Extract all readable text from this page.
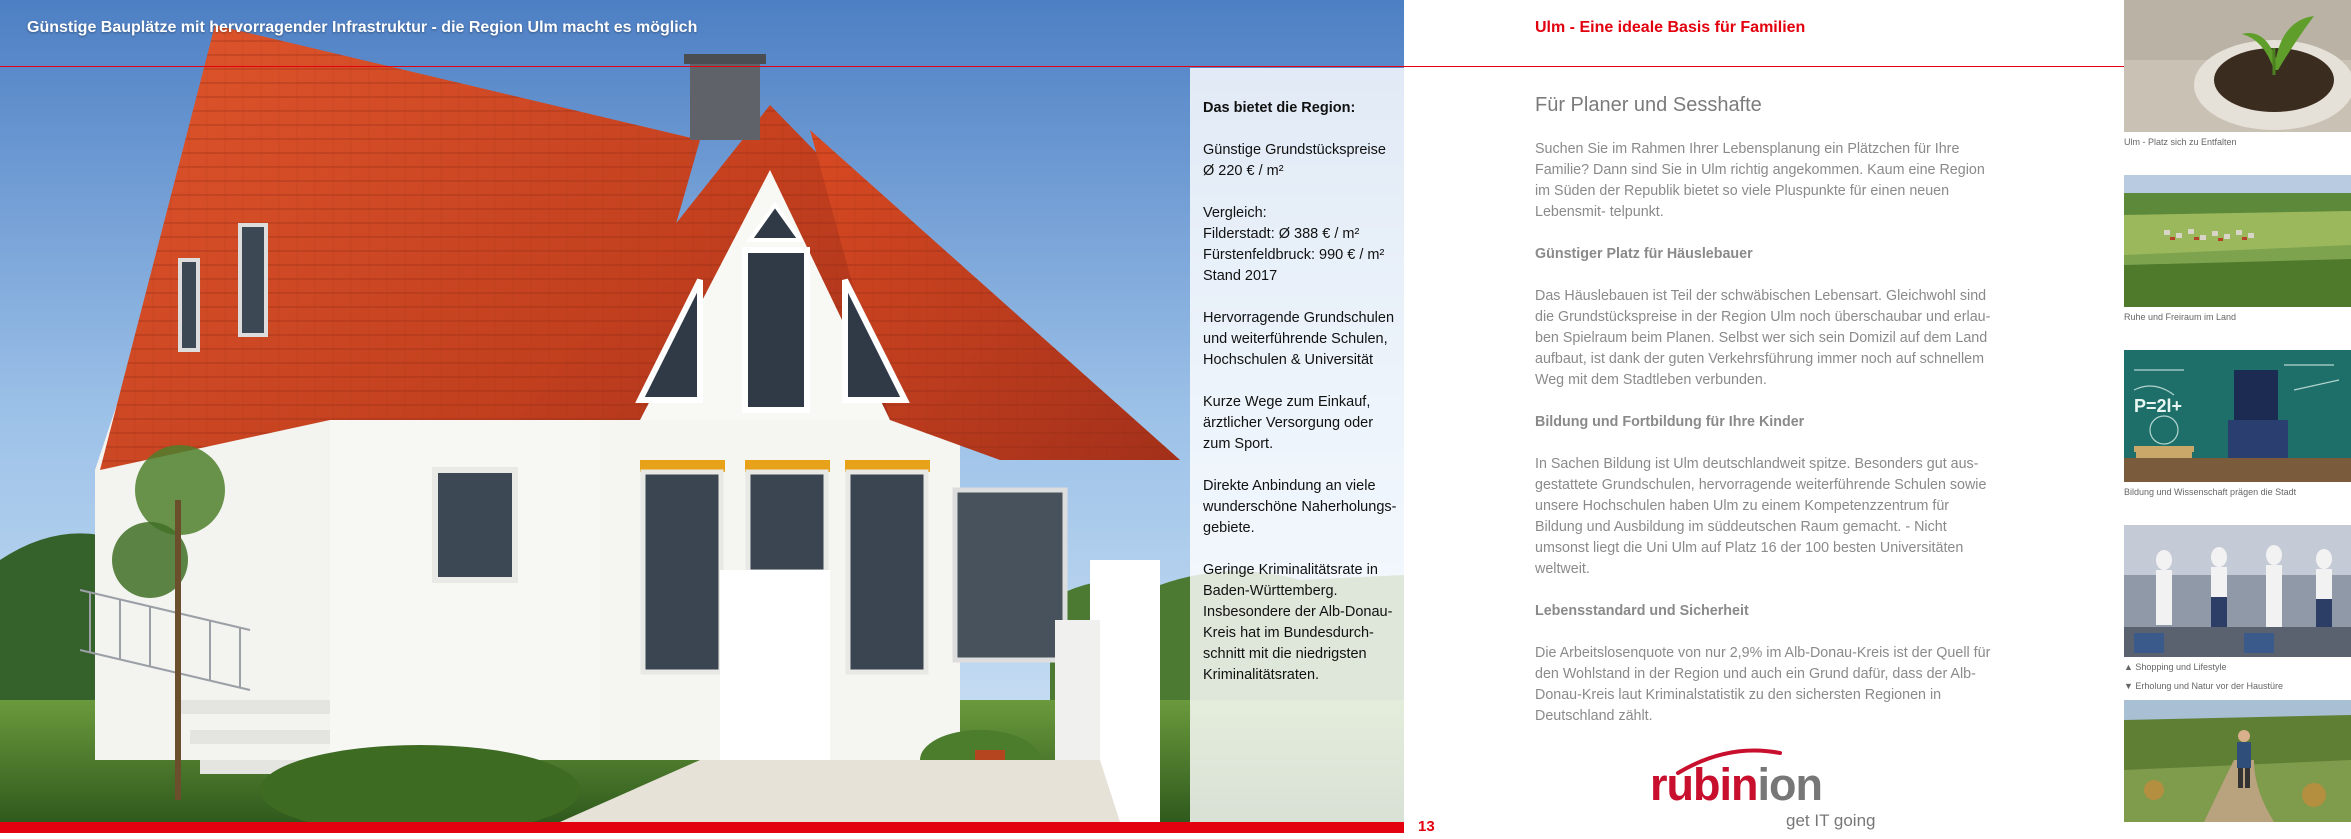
Günstige Bauplätze mit hervorragender Infrastruktur - die Region Ulm macht es möglich

Das bietet die Region:

Günstige Grundstückspreise
Ø 220 € / m²

Vergleich:
Filderstadt: Ø 388 € / m²
Fürstenfeldbruck: 990 € / m²
Stand 2017

Hervorragende Grundschulen
und weiterführende Schulen,
Hochschulen & Universität

Kurze Wege zum Einkauf,
ärztlicher Versorgung oder
zum Sport.

Direkte Anbindung an viele
wunderschöne Naherholungs-
gebiete.

Geringe Kriminalitätsrate in
Baden-Württemberg.
Insbesondere der Alb-Donau-
Kreis hat im Bundesdurch-
schnitt mit die niedrigsten
Kriminalitätsraten.

13
Ulm - Eine ideale Basis für Familien
Für Planer und Sesshafte

Suchen Sie im Rahmen Ihrer Lebensplanung ein Plätzchen für Ihre Familie? Dann sind Sie in Ulm richtig angekommen. Kaum eine Region im Süden der Republik bietet so viele Pluspunkte für einen neuen Lebensmit- telpunkt.

Günstiger Platz für Häuslebauer

Das Häuslebauen ist Teil der schwäbischen Lebensart. Gleichwohl sind die Grundstückspreise in der Region Ulm noch überschaubar und erlau- ben Spielraum beim Planen. Selbst wer sich sein Domizil auf dem Land aufbaut, ist dank der guten Verkehrsführung immer noch auf schnellem Weg mit dem Stadtleben verbunden.

Bildung und Fortbildung für Ihre Kinder

In Sachen Bildung ist Ulm deutschlandweit spitze. Besonders gut aus- gestattete Grundschulen, hervorragende weiterführende Schulen sowie unsere Hochschulen haben Ulm zu einem Kompetenzzentrum für Bildung und Ausbildung im süddeutschen Raum gemacht. - Nicht umsonst liegt die Uni Ulm auf Platz 16 der 100 besten Universitäten weltweit.

Lebensstandard und Sicherheit

Die Arbeitslosenquote von nur 2,9% im Alb-Donau-Kreis ist der Quell für den Wohlstand in der Region und auch ein Grund dafür, dass der Alb-Donau-Kreis laut Kriminalstatistik zu den sichersten Regionen in Deutschland zählt.

rubinion
get IT going
Ulm - Platz sich zu Entfalten
Ruhe und Freiraum im Land
P=2l+
Bildung und Wissenschaft prägen die Stadt
▲ Shopping und Lifestyle
▼ Erholung und Natur vor der Haustüre
